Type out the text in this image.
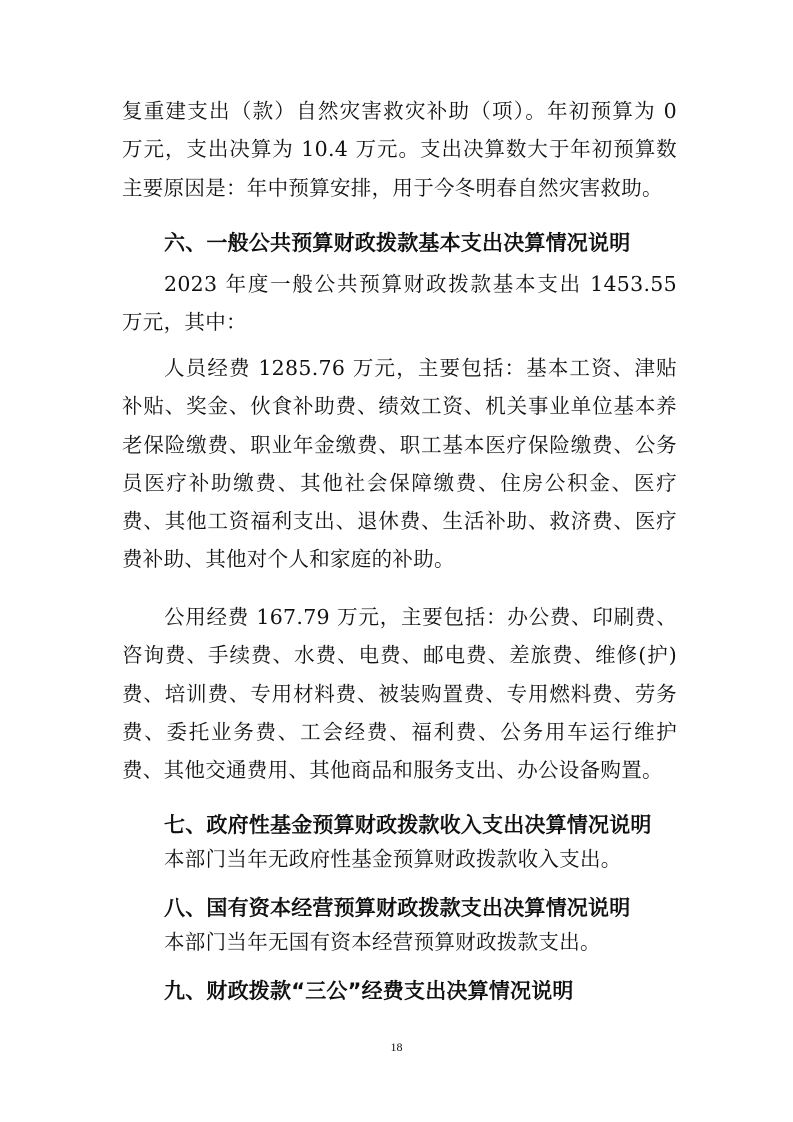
复重建支出（款）自然灾害救灾补助（项）。年初预算为 0 万元，支出决算为 10.4 万元。支出决算数大于年初预算数主要原因是：年中预算安排，用于今冬明春自然灾害救助。

六、一般公共预算财政拨款基本支出决算情况说明

2023 年度一般公共预算财政拨款基本支出 1453.55 万元，其中：

人员经费 1285.76 万元，主要包括：基本工资、津贴补贴、奖金、伙食补助费、绩效工资、机关事业单位基本养老保险缴费、职业年金缴费、职工基本医疗保险缴费、公务员医疗补助缴费、其他社会保障缴费、住房公积金、医疗费、其他工资福利支出、退休费、生活补助、救济费、医疗费补助、其他对个人和家庭的补助。

公用经费 167.79 万元，主要包括：办公费、印刷费、咨询费、手续费、水费、电费、邮电费、差旅费、维修(护)费、培训费、专用材料费、被装购置费、专用燃料费、劳务费、委托业务费、工会经费、福利费、公务用车运行维护费、其他交通费用、其他商品和服务支出、办公设备购置。

七、政府性基金预算财政拨款收入支出决算情况说明

本部门当年无政府性基金预算财政拨款收入支出。

八、国有资本经营预算财政拨款支出决算情况说明

本部门当年无国有资本经营预算财政拨款支出。

九、财政拨款“三公”经费支出决算情况说明
18
